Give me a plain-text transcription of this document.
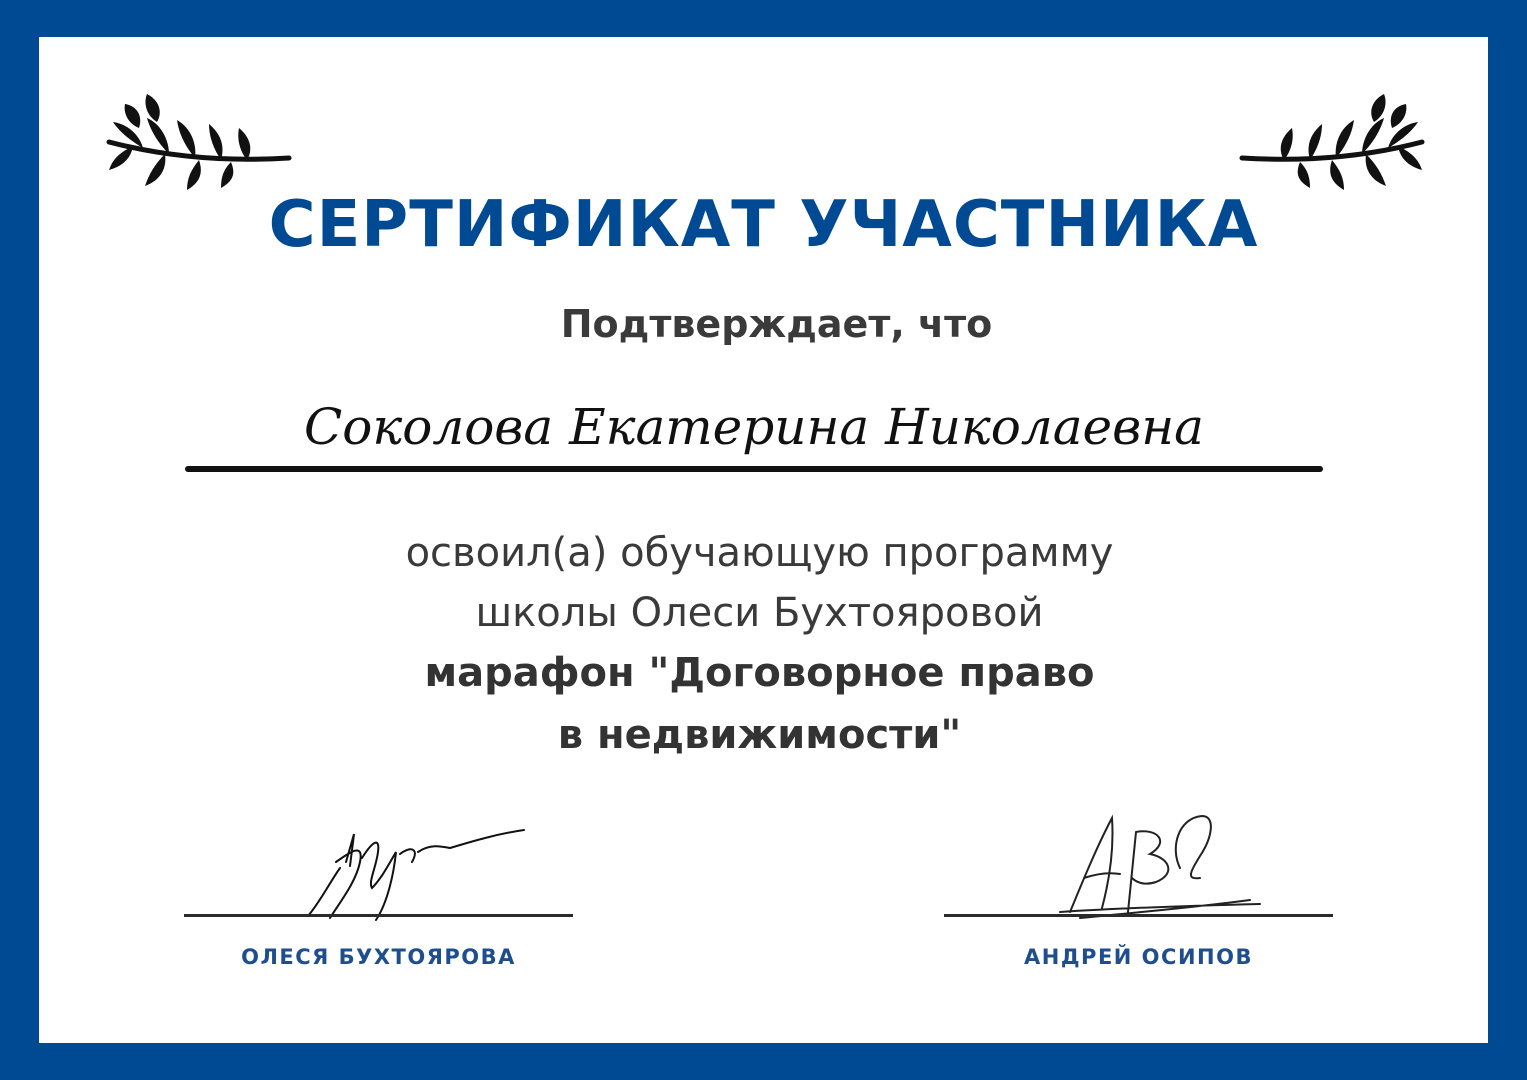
СЕРТИФИКАТ УЧАСТНИКА
Подтверждает, что
Соколова Екатерина Николаевна
освоил(а) обучающую программу
школы Олеси Бухтояровой
марафон "Договорное право
в недвижимости"
ОЛЕСЯ БУХТОЯРОВА	АНДРЕЙ ОСИПОВ
